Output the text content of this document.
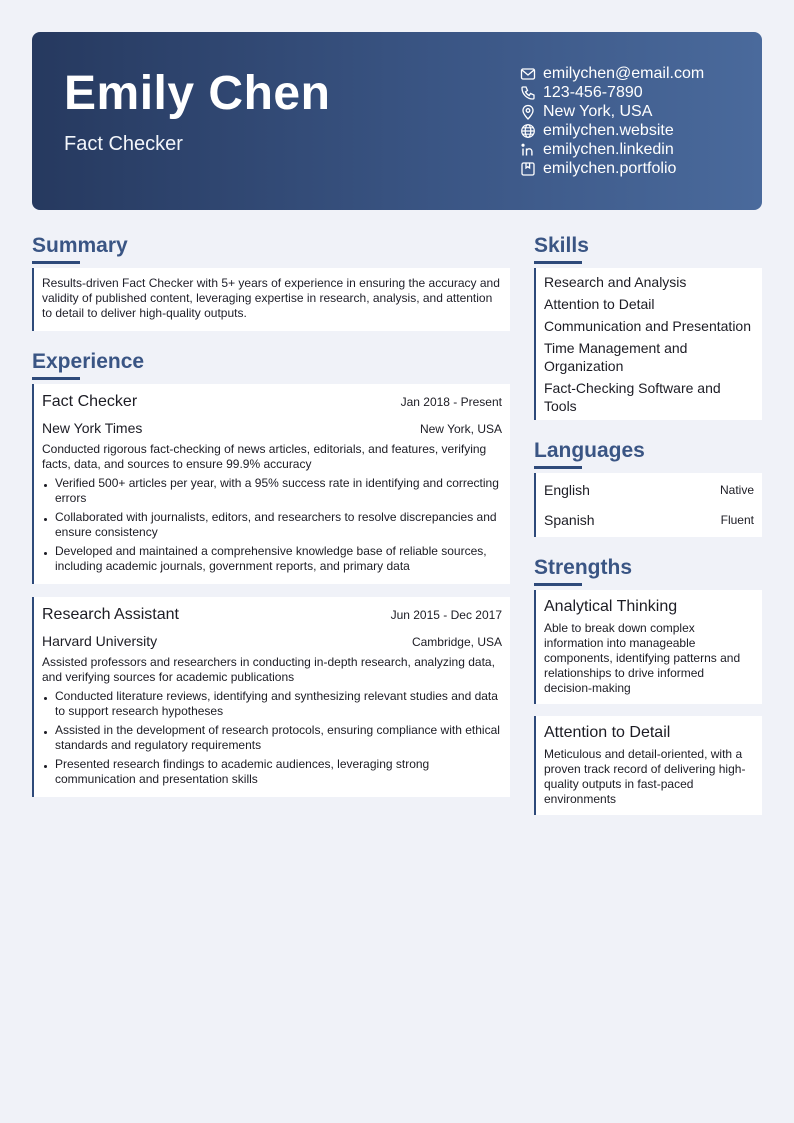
Emily Chen
Fact Checker
emilychen@email.com
123-456-7890
New York, USA
emilychen.website
emilychen.linkedin
emilychen.portfolio
Summary
Results-driven Fact Checker with 5+ years of experience in ensuring the accuracy and validity of published content, leveraging expertise in research, analysis, and attention to detail to deliver high-quality outputs.
Experience
Fact Checker	Jan 2018 - Present
New York Times	New York, USA
Conducted rigorous fact-checking of news articles, editorials, and features, verifying facts, data, and sources to ensure 99.9% accuracy
Verified 500+ articles per year, with a 95% success rate in identifying and correcting errors
Collaborated with journalists, editors, and researchers to resolve discrepancies and ensure consistency
Developed and maintained a comprehensive knowledge base of reliable sources, including academic journals, government reports, and primary data
Research Assistant	Jun 2015 - Dec 2017
Harvard University	Cambridge, USA
Assisted professors and researchers in conducting in-depth research, analyzing data, and verifying sources for academic publications
Conducted literature reviews, identifying and synthesizing relevant studies and data to support research hypotheses
Assisted in the development of research protocols, ensuring compliance with ethical standards and regulatory requirements
Presented research findings to academic audiences, leveraging strong communication and presentation skills
Skills
Research and Analysis
Attention to Detail
Communication and Presentation
Time Management and Organization
Fact-Checking Software and Tools
Languages
English	Native
Spanish	Fluent
Strengths
Analytical Thinking
Able to break down complex information into manageable components, identifying patterns and relationships to drive informed decision-making
Attention to Detail
Meticulous and detail-oriented, with a proven track record of delivering high-quality outputs in fast-paced environments
